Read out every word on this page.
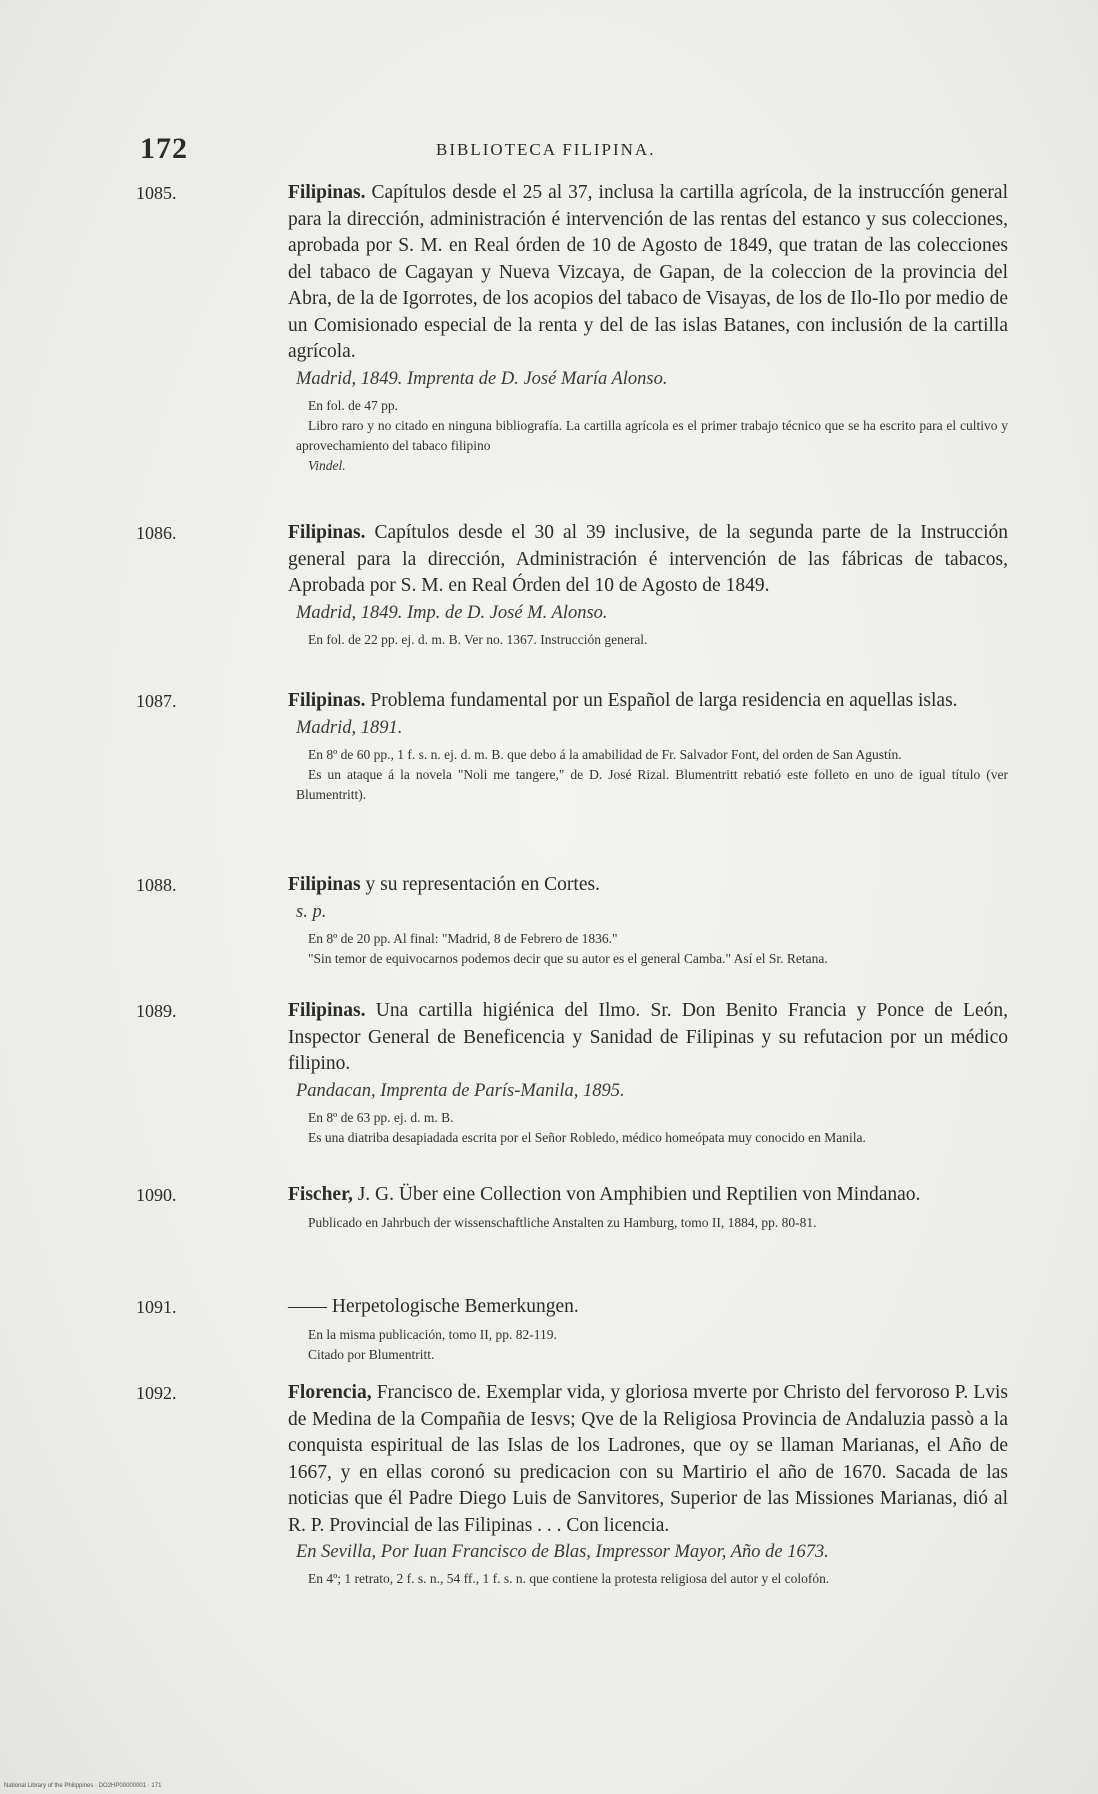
172	BIBLIOTECA FILIPINA.
1085.	Filipinas. Capítulos desde el 25 al 37, inclusa la cartilla agrícola, de la instruccíón general para la dirección, administración é intervención de las rentas del estanco y sus colecciones, aprobada por S. M. en Real órden de 10 de Agosto de 1849, que tratan de las colecciones del tabaco de Cagayan y Nueva Vizcaya, de Gapan, de la coleccion de la provincia del Abra, de la de Igorrotes, de los acopios del tabaco de Visayas, de los de Ilo-Ilo por medio de un Comisionado especial de la renta y del de las islas Batanes, con inclusión de la cartilla agrícola.
Madrid, 1849. Imprenta de D. José María Alonso.
En fol. de 47 pp.
Libro raro y no citado en ninguna bibliografía. La cartilla agrícola es el primer trabajo técnico que se ha escrito para el cultivo y aprovechamiento del tabaco filipino
Vindel.
1086.	Filipinas. Capítulos desde el 30 al 39 inclusive, de la segunda parte de la Instrucción general para la dirección, Administración é intervención de las fábricas de tabacos, Aprobada por S. M. en Real Órden del 10 de Agosto de 1849.
Madrid, 1849. Imp. de D. José M. Alonso.
En fol. de 22 pp. ej. d. m. B. Ver no. 1367. Instrucción general.
1087.	Filipinas. Problema fundamental por un Español de larga residencia en aquellas islas.
Madrid, 1891.
En 8º de 60 pp., 1 f. s. n. ej. d. m. B. que debo á la amabilidad de Fr. Salvador Font, del orden de San Agustín.
Es un ataque á la novela "Noli me tangere," de D. José Rizal. Blumentritt rebatió este folleto en uno de igual título (ver Blumentritt).
1088.	Filipinas y su representación en Cortes.
s. p.
En 8º de 20 pp. Al final: "Madrid, 8 de Febrero de 1836."
"Sin temor de equivocarnos podemos decir que su autor es el general Camba." Así el Sr. Retana.
1089.	Filipinas. Una cartilla higiénica del Ilmo. Sr. Don Benito Francia y Ponce de León, Inspector General de Beneficencia y Sanidad de Filipinas y su refutacion por un médico filipino.
Pandacan, Imprenta de París-Manila, 1895.
En 8º de 63 pp. ej. d. m. B.
Es una diatriba desapiadada escrita por el Señor Robledo, médico homeópata muy conocido en Manila.
1090.	Fischer, J. G. Über eine Collection von Amphibien und Reptilien von Mindanao.
Publicado en Jahrbuch der wissenschaftliche Anstalten zu Hamburg, tomo II, 1884, pp. 80-81.
1091.	—— Herpetologische Bemerkungen.
En la misma publicación, tomo II, pp. 82-119.
Citado por Blumentritt.
1092.	Florencia, Francisco de. Exemplar vida, y gloriosa mverte por Christo del fervoroso P. Lvis de Medina de la Compañia de Iesvs; Qve de la Religiosa Provincia de Andaluzia passò a la conquista espiritual de las Islas de los Ladrones, que oy se llaman Marianas, el Año de 1667, y en ellas coronó su predicacion con su Martirio el año de 1670. Sacada de las noticias que él Padre Diego Luis de Sanvitores, Superior de las Missiones Marianas, dió al R. P. Provincial de las Filipinas . . . Con licencia.
En Sevilla, Por Iuan Francisco de Blas, Impressor Mayor, Año de 1673.
En 4º; 1 retrato, 2 f. s. n., 54 ff., 1 f. s. n. que contiene la protesta religiosa del autor y el colofón.
National Library of the Philippines · DO2HP00000001 · 171
